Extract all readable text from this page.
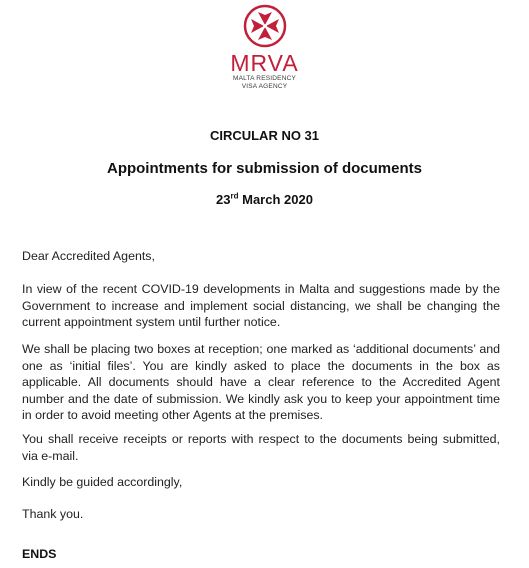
MRVA
MALTA RESIDENCY
VISA AGENCY
CIRCULAR NO 31
Appointments for submission of documents
23rd March 2020

Dear Accredited Agents,

In view of the recent COVID-19 developments in Malta and suggestions made by the Government to increase and implement social distancing, we shall be changing the current appointment system until further notice.

We shall be placing two boxes at reception; one marked as ‘additional documents’ and one as ‘initial files’. You are kindly asked to place the documents in the box as applicable. All documents should have a clear reference to the Accredited Agent number and the date of submission. We kindly ask you to keep your appointment time in order to avoid meeting other Agents at the premises.

You shall receive receipts or reports with respect to the documents being submitted, via e-mail.

Kindly be guided accordingly,

Thank you.

ENDS
